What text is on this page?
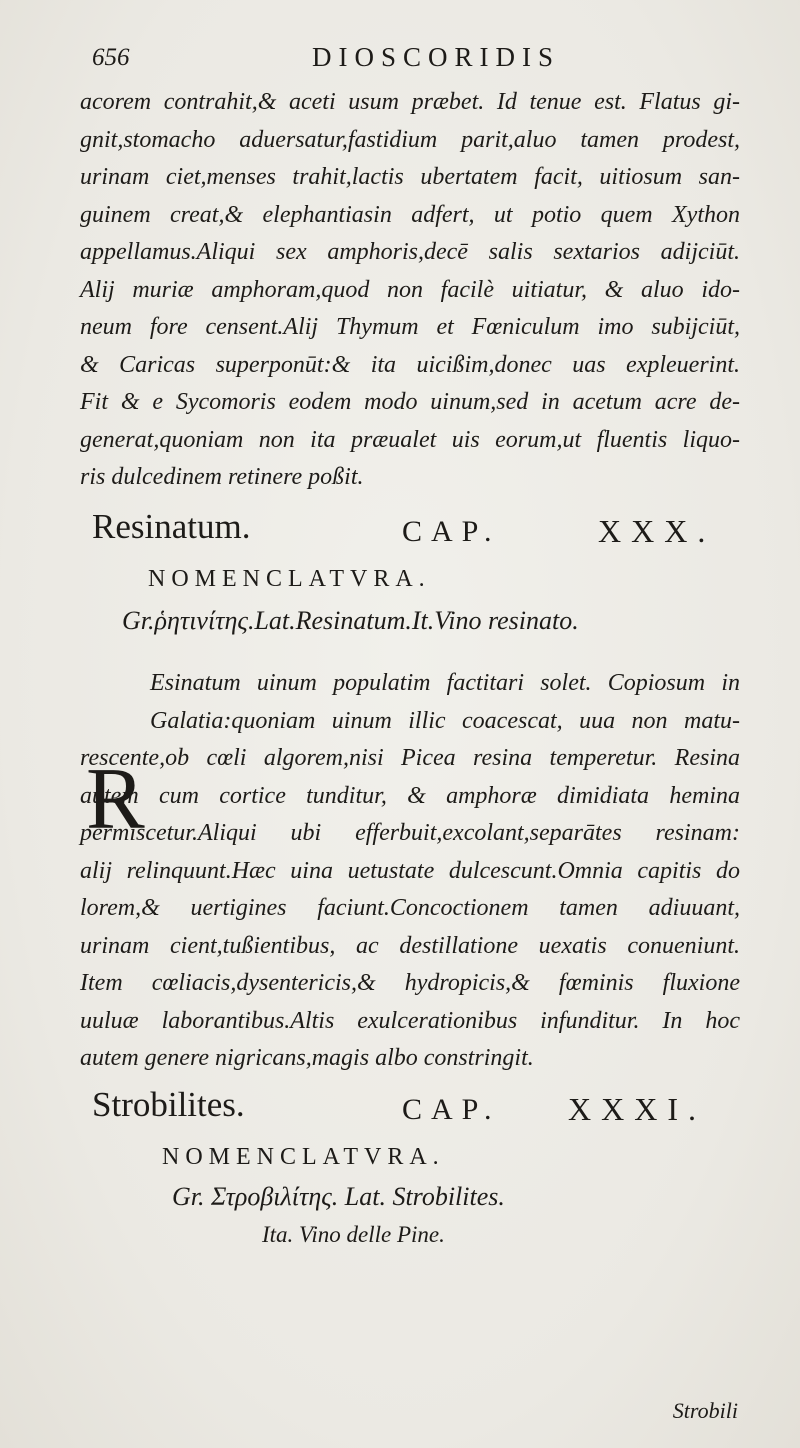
656	DIOSCORIDIS
acorem contrahit,& aceti usum præbet. Id tenue est. Flatus gi-
gnit,stomacho aduersatur,fastidium parit,aluo tamen prodest,
urinam ciet,menses trahit,lactis ubertatem facit, uitiosum san-
guinem creat,& elephantiasin adfert, ut potio quem Xython
appellamus.Aliqui sex amphoris,decē salis sextarios adijciūt.
Alij muriæ amphoram,quod non facilè uitiatur, & aluo ido-
neum fore censent.Alij Thymum et Fœniculum imo subijciūt,
& Caricas superponūt:& ita uicißim,donec uas expleuerint.
Fit & e Sycomoris eodem modo uinum,sed in acetum acre de-
generat,quoniam non ita præualet uis eorum,ut fluentis liquo-
ris dulcedinem retinere poßit.
Resinatum.	CAP.	XXX.
NOMENCLATVRA.
Gr.ῥητινίτης.Lat.Resinatum.It.Vino resinato.
R
Esinatum uinum populatim factitari solet. Copiosum in
Galatia:quoniam uinum illic coacescat, uua non matu-
rescente,ob cœli algorem,nisi Picea resina temperetur. Resina
autem cum cortice tunditur, & amphoræ dimidiata hemina
permiscetur.Aliqui ubi efferbuit,excolant,separātes resinam:
alij relinquunt.Hæc uina uetustate dulcescunt.Omnia capitis do
lorem,& uertigines faciunt.Concoctionem tamen adiuuant,
urinam cient,tußientibus, ac destillatione uexatis conueniunt.
Item cœliacis,dysentericis,& hydropicis,& fœminis fluxione
uuluæ laborantibus.Altis exulcerationibus infunditur. In hoc
autem genere nigricans,magis albo constringit.
Strobilites.	CAP. XXXI.
NOMENCLATVRA.
Gr. Στροβιλίτης. Lat. Strobilites.
Ita. Vino delle Pine.
Strobili
